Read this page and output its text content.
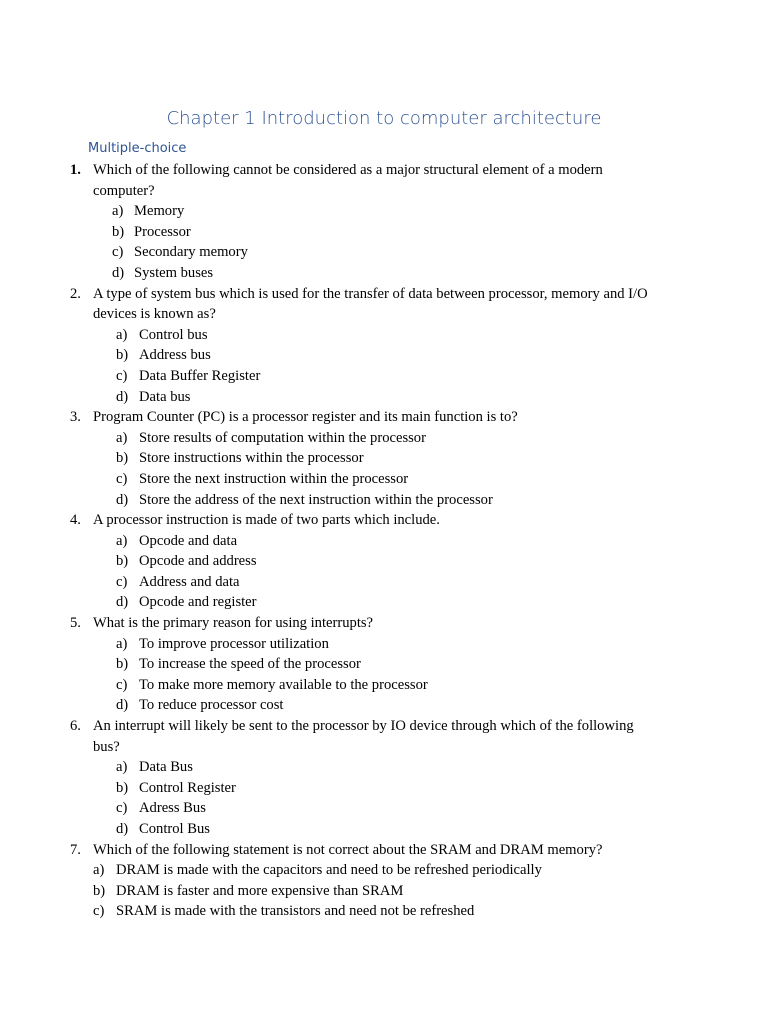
Chapter 1 Introduction to computer architecture
Multiple-choice
1. Which of the following cannot be considered as a major structural element of a modern computer?
a) Memory
b) Processor
c) Secondary memory
d) System buses
2. A type of system bus which is used for the transfer of data between processor, memory and I/O devices is known as?
a) Control bus
b) Address bus
c) Data Buffer Register
d) Data bus
3. Program Counter (PC) is a processor register and its main function is to?
a) Store results of computation within the processor
b) Store instructions within the processor
c) Store the next instruction within the processor
d) Store the address of the next instruction within the processor
4. A processor instruction is made of two parts which include.
a) Opcode and data
b) Opcode and address
c) Address and data
d) Opcode and register
5. What is the primary reason for using interrupts?
a) To improve processor utilization
b) To increase the speed of the processor
c) To make more memory available to the processor
d) To reduce processor cost
6. An interrupt will likely be sent to the processor by IO device through which of the following bus?
a) Data Bus
b) Control Register
c) Adress Bus
d) Control Bus
7. Which of the following statement is not correct about the SRAM and DRAM memory?
a) DRAM is made with the capacitors and need to be refreshed periodically
b) DRAM is faster and more expensive than SRAM
c) SRAM is made with the transistors and need not be refreshed
